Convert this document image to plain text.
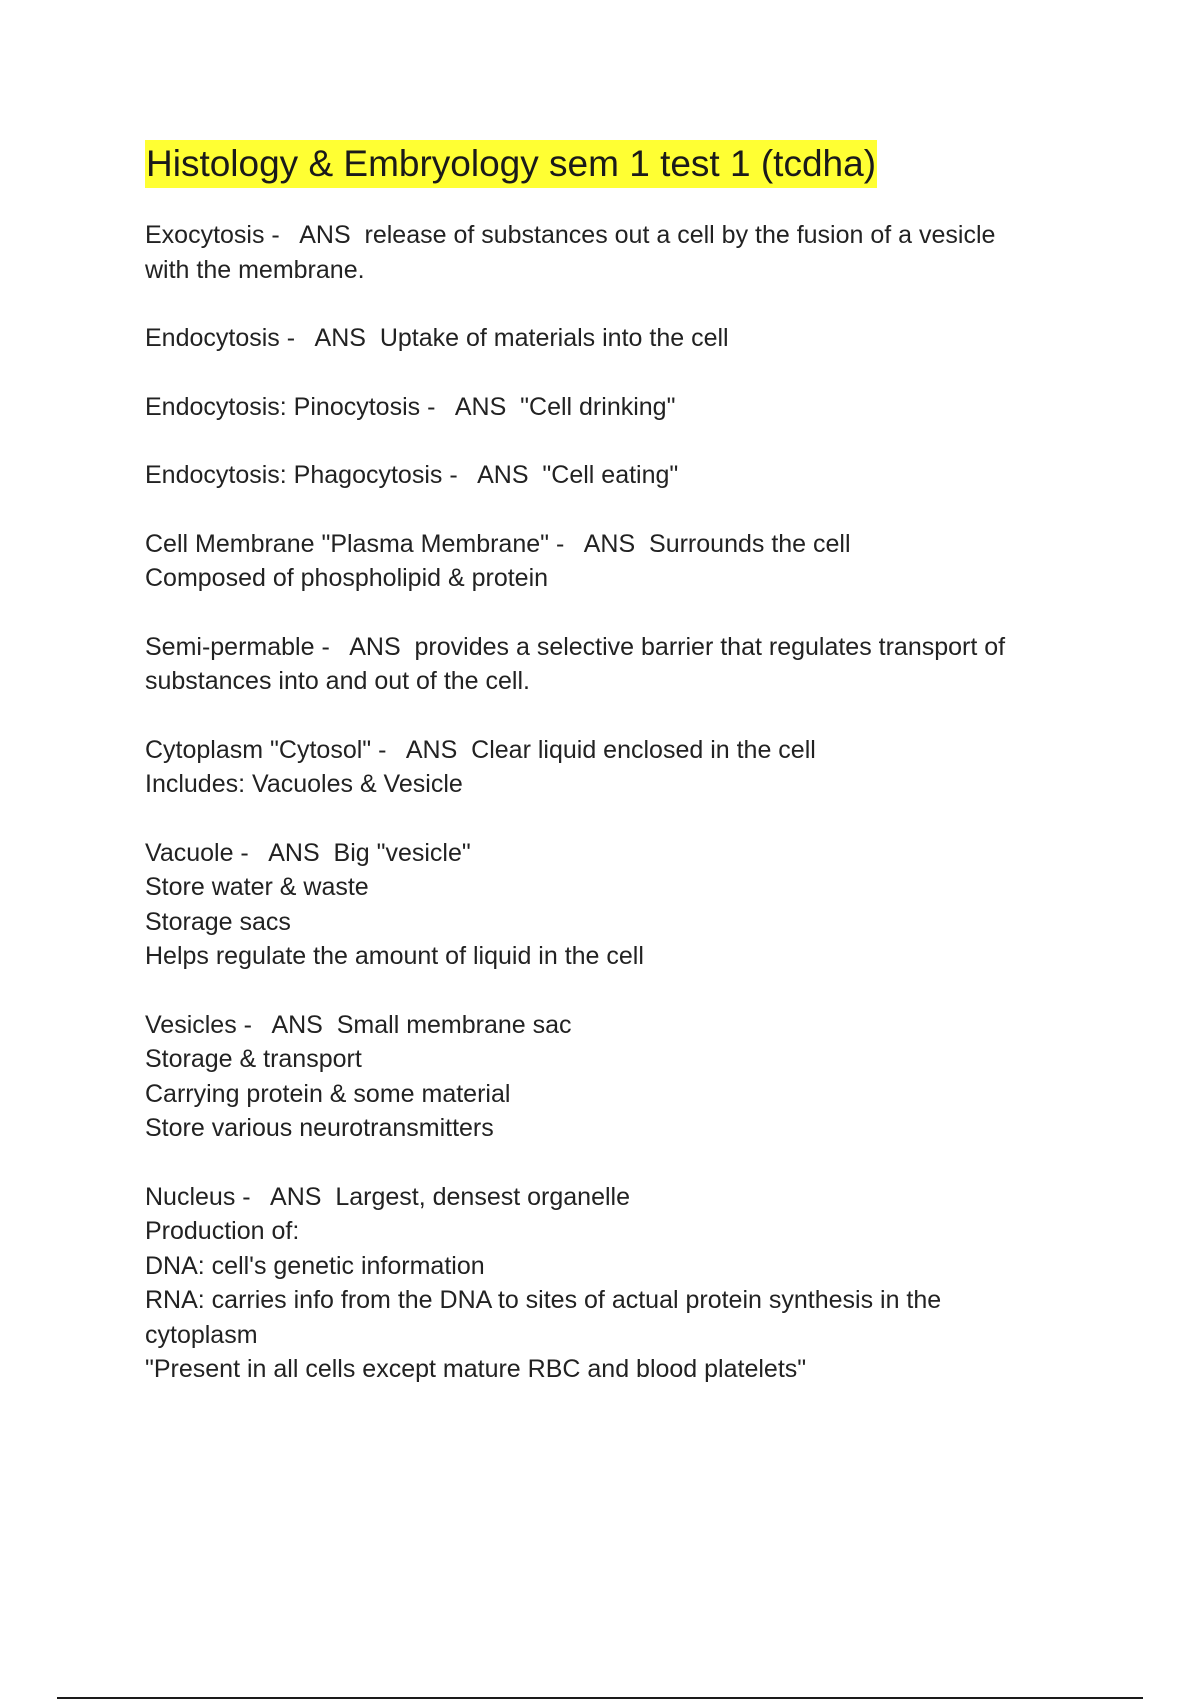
Histology & Embryology sem 1 test 1 (tcdha)

Exocytosis -   ANS  release of substances out a cell by the fusion of a vesicle

with the membrane.

Endocytosis -   ANS  Uptake of materials into the cell

Endocytosis: Pinocytosis -   ANS  "Cell drinking"

Endocytosis: Phagocytosis -   ANS  "Cell eating"

Cell Membrane "Plasma Membrane" -   ANS  Surrounds the cell

Composed of phospholipid & protein

Semi-permable -   ANS  provides a selective barrier that regulates transport of

substances into and out of the cell.

Cytoplasm "Cytosol" -   ANS  Clear liquid enclosed in the cell

Includes: Vacuoles & Vesicle

Vacuole -   ANS  Big "vesicle"

Store water & waste

Storage sacs

Helps regulate the amount of liquid in the cell

Vesicles -   ANS  Small membrane sac

Storage & transport

Carrying protein & some material

Store various neurotransmitters

Nucleus -   ANS  Largest, densest organelle

Production of:

DNA: cell's genetic information

RNA: carries info from the DNA to sites of actual protein synthesis in the

cytoplasm

"Present in all cells except mature RBC and blood platelets"
